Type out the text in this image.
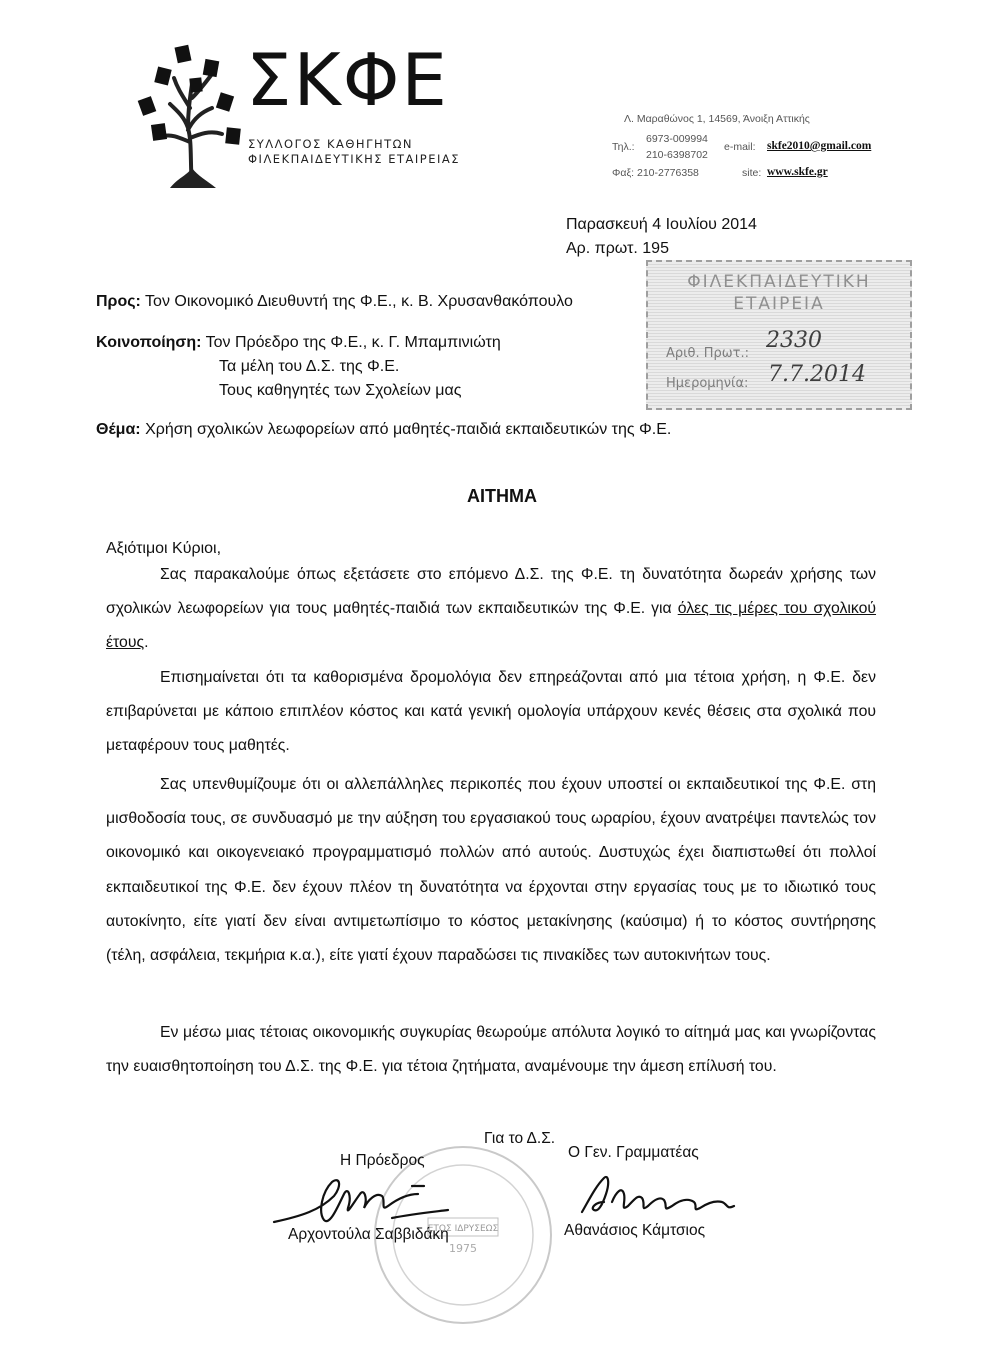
ΣΚΦΕ
ΣΥΛΛΟΓΟΣ ΚΑΘΗΓΗΤΩΝ
ΦΙΛΕΚΠΑΙΔΕΥΤΙΚΗΣ ΕΤΑΙΡΕΙΑΣ
Λ. Μαραθώνος 1, 14569, Άνοιξη Αττικής
Τηλ.:
6973-009994
210-6398702
Φαξ: 210-2776358
e-mail: skfe2010@gmail.com
site: www.skfe.gr
Παρασκευή 4 Ιουλίου 2014
Αρ. πρωτ. 195
ΦΙΛΕΚΠΑΙΔΕΥΤΙΚΗ
ΕΤΑΙΡΕΙΑ
Αριθ. Πρωτ.:
2330
Ημερομηνία: 7.7.2014
Προς: Τον Οικονομικό Διευθυντή της Φ.Ε., κ. Β. Χρυσανθακόπουλο
Κοινοποίηση: Τον Πρόεδρο της Φ.Ε., κ. Γ. Μπαμπινιώτη
Τα μέλη του Δ.Σ. της Φ.Ε.
Τους καθηγητές των Σχολείων μας
Θέμα: Χρήση σχολικών λεωφορείων από μαθητές-παιδιά εκπαιδευτικών της Φ.Ε.
ΑΙΤΗΜΑ
Αξιότιμοι Κύριοι,

Σας παρακαλούμε όπως εξετάσετε στο επόμενο Δ.Σ. της Φ.Ε. τη δυνατότητα δωρεάν χρήσης των σχολικών λεωφορείων για τους μαθητές-παιδιά των εκπαιδευτικών της Φ.Ε. για όλες τις μέρες του σχολικού έτους.

Επισημαίνεται ότι τα καθορισμένα δρομολόγια δεν επηρεάζονται από μια τέτοια χρήση, η Φ.Ε. δεν επιβαρύνεται με κάποιο επιπλέον κόστος και κατά γενική ομολογία υπάρχουν κενές θέσεις στα σχολικά που μεταφέρουν τους μαθητές.

Σας υπενθυμίζουμε ότι οι αλλεπάλληλες περικοπές που έχουν υποστεί οι εκπαιδευτικοί της Φ.Ε. στη μισθοδοσία τους, σε συνδυασμό με την αύξηση του εργασιακού τους ωραρίου, έχουν ανατρέψει παντελώς τον οικονομικό και οικογενειακό προγραμματισμό πολλών από αυτούς. Δυστυχώς έχει διαπιστωθεί ότι πολλοί εκπαιδευτικοί της Φ.Ε. δεν έχουν πλέον τη δυνατότητα να έρχονται στην εργασίας τους με το ιδιωτικό τους αυτοκίνητο, είτε γιατί δεν είναι αντιμετωπίσιμο το κόστος μετακίνησης (καύσιμα) ή το κόστος συντήρησης (τέλη, ασφάλεια, τεκμήρια κ.α.), είτε γιατί έχουν παραδώσει τις πινακίδες των αυτοκινήτων τους.

Εν μέσω μιας τέτοιας οικονομικής συγκυρίας θεωρούμε απόλυτα λογικό το αίτημά μας και γνωρίζοντας την ευαισθητοποίηση του Δ.Σ. της Φ.Ε. για τέτοια ζητήματα, αναμένουμε την άμεση επίλυσή του.

ΕΤΟΣ ΙΔΡΥΣΕΩΣ
1975
Για το Δ.Σ.
Η Πρόεδρος	Ο Γεν. Γραμματέας
Αρχοντούλα Σαββιδάκη	Αθανάσιος Κάμτσιος
